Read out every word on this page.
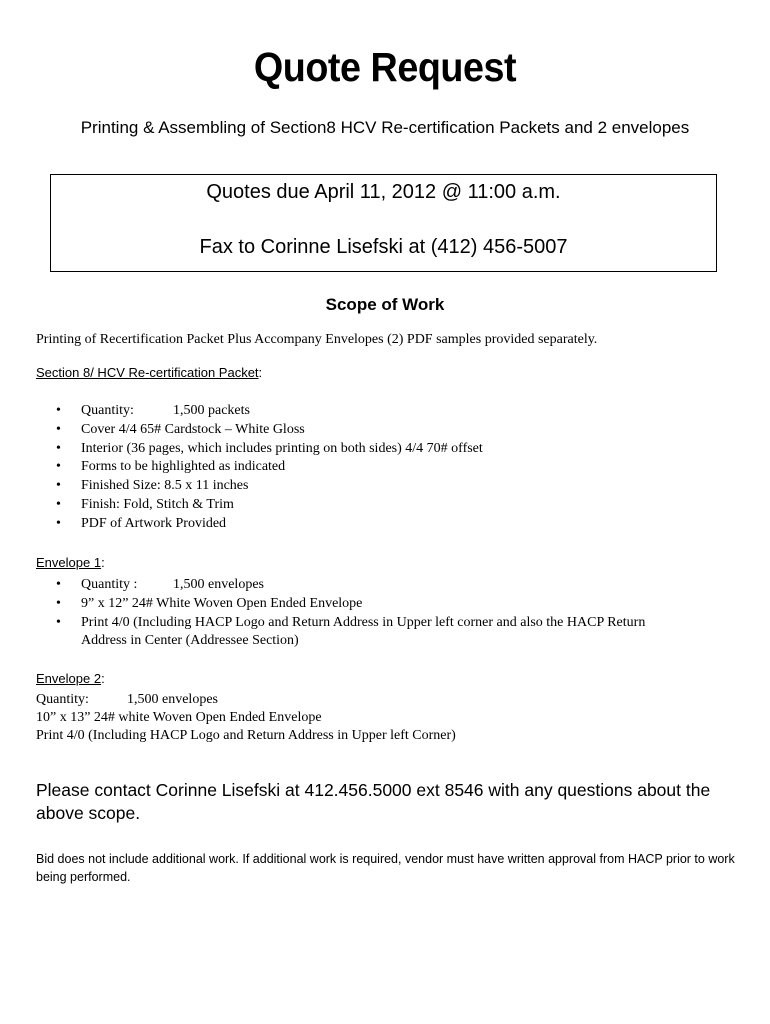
Quote Request
Printing & Assembling of Section8 HCV Re-certification Packets and 2 envelopes
Quotes due April 11, 2012 @ 11:00 a.m.
Fax to Corinne Lisefski at (412) 456-5007
Scope of Work
Printing of Recertification Packet Plus Accompany Envelopes (2) PDF samples provided separately.
Section 8/ HCV Re-certification Packet:
• Quantity:	1,500 packets
• Cover 4/4 65# Cardstock – White Gloss
• Interior (36 pages, which includes printing on both sides) 4/4 70# offset
• Forms to be highlighted as indicated
• Finished Size: 8.5 x 11 inches
• Finish: Fold, Stitch & Trim
• PDF of Artwork Provided
Envelope 1:
• Quantity :	1,500 envelopes
• 9” x 12” 24# White Woven Open Ended Envelope
• Print 4/0 (Including HACP Logo and Return Address in Upper left corner and also the HACP Return Address in Center (Addressee Section)
Envelope 2:
Quantity:	1,500 envelopes
10” x 13” 24# white Woven Open Ended Envelope
Print 4/0 (Including HACP Logo and Return Address in Upper left Corner)
Please contact Corinne Lisefski at 412.456.5000 ext 8546 with any questions about the above scope.
Bid does not include additional work. If additional work is required, vendor must have written approval from HACP prior to work being performed.
